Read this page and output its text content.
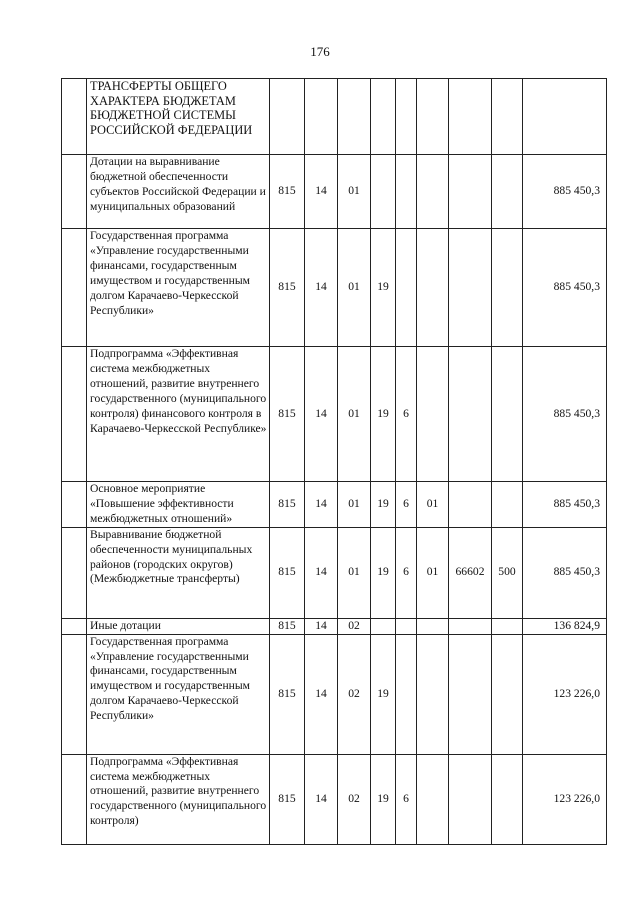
176
	ТРАНСФЕРТЫ ОБЩЕГО ХАРАКТЕРА БЮДЖЕТАМ БЮДЖЕТНОЙ СИСТЕМЫ РОССИЙСКОЙ ФЕДЕРАЦИИ									
	Дотации на выравнивание бюджетной обеспеченности субъектов Российской Федерации и муниципальных образований	815	14	01						885 450,3
	Государственная программа «Управление государственными финансами, государственным имуществом и государственным долгом Карачаево-Черкесской Республики»	815	14	01	19					885 450,3
	Подпрограмма «Эффективная система межбюджетных отношений, развитие внутреннего государственного (муниципального контроля) финансового контроля в Карачаево-Черкесской Республике»	815	14	01	19	6				885 450,3
	Основное мероприятие «Повышение эффективности межбюджетных отношений»	815	14	01	19	6	01			885 450,3
	Выравнивание бюджетной обеспеченности муниципальных районов (городских округов) (Межбюджетные трансферты)	815	14	01	19	6	01	66602	500	885 450,3
	Иные дотации	815	14	02						136 824,9
	Государственная программа «Управление государственными финансами, государственным имуществом и государственным долгом Карачаево-Черкесской Республики»	815	14	02	19					123 226,0
	Подпрограмма «Эффективная система межбюджетных отношений, развитие внутреннего государственного (муниципального контроля)	815	14	02	19	6				123 226,0
